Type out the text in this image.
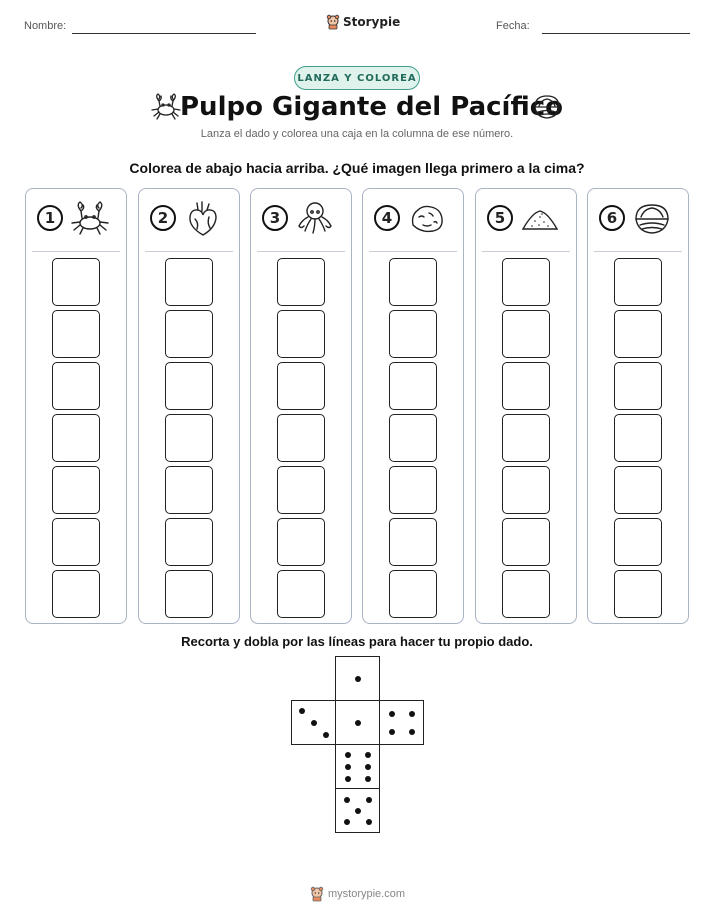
Nombre:	Storypie	Fecha:
LANZA Y COLOREA
Pulpo Gigante del Pacífico
Lanza el dado y colorea una caja en la columna de ese número.
Colorea de abajo hacia arriba. ¿Qué imagen llega primero a la cima?
1	2	3	4	5	6
Recorta y dobla por las líneas para hacer tu propio dado.
mystorypie.com
